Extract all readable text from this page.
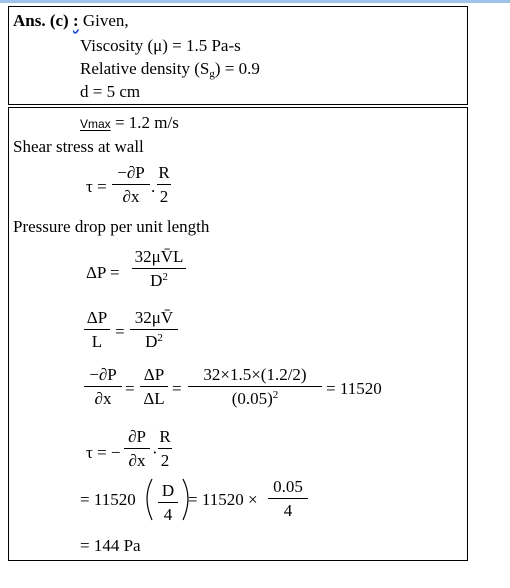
Ans. (c) : Given,
Viscosity (μ) = 1.5 Pa-s
Relative density $(S_g) = 0.9$
d = 5 cm
Vmax = 1.2 m/s
Shear stress at wall
τ =
−∂P
∂x
.
R
2
Pressure drop per unit length
ΔP =
32μV̄L
$D^2$
ΔP
L
=
32μV̄
$D^2$
−∂P
∂x
=
ΔP
ΔL
=
32×1.5×(1.2/2)
$(0.05)^2$	= 11520
τ = −
∂P
∂x ·
R
2
= 11520 D
4
= 11520 ×
0.05
4
= 144 Pa
